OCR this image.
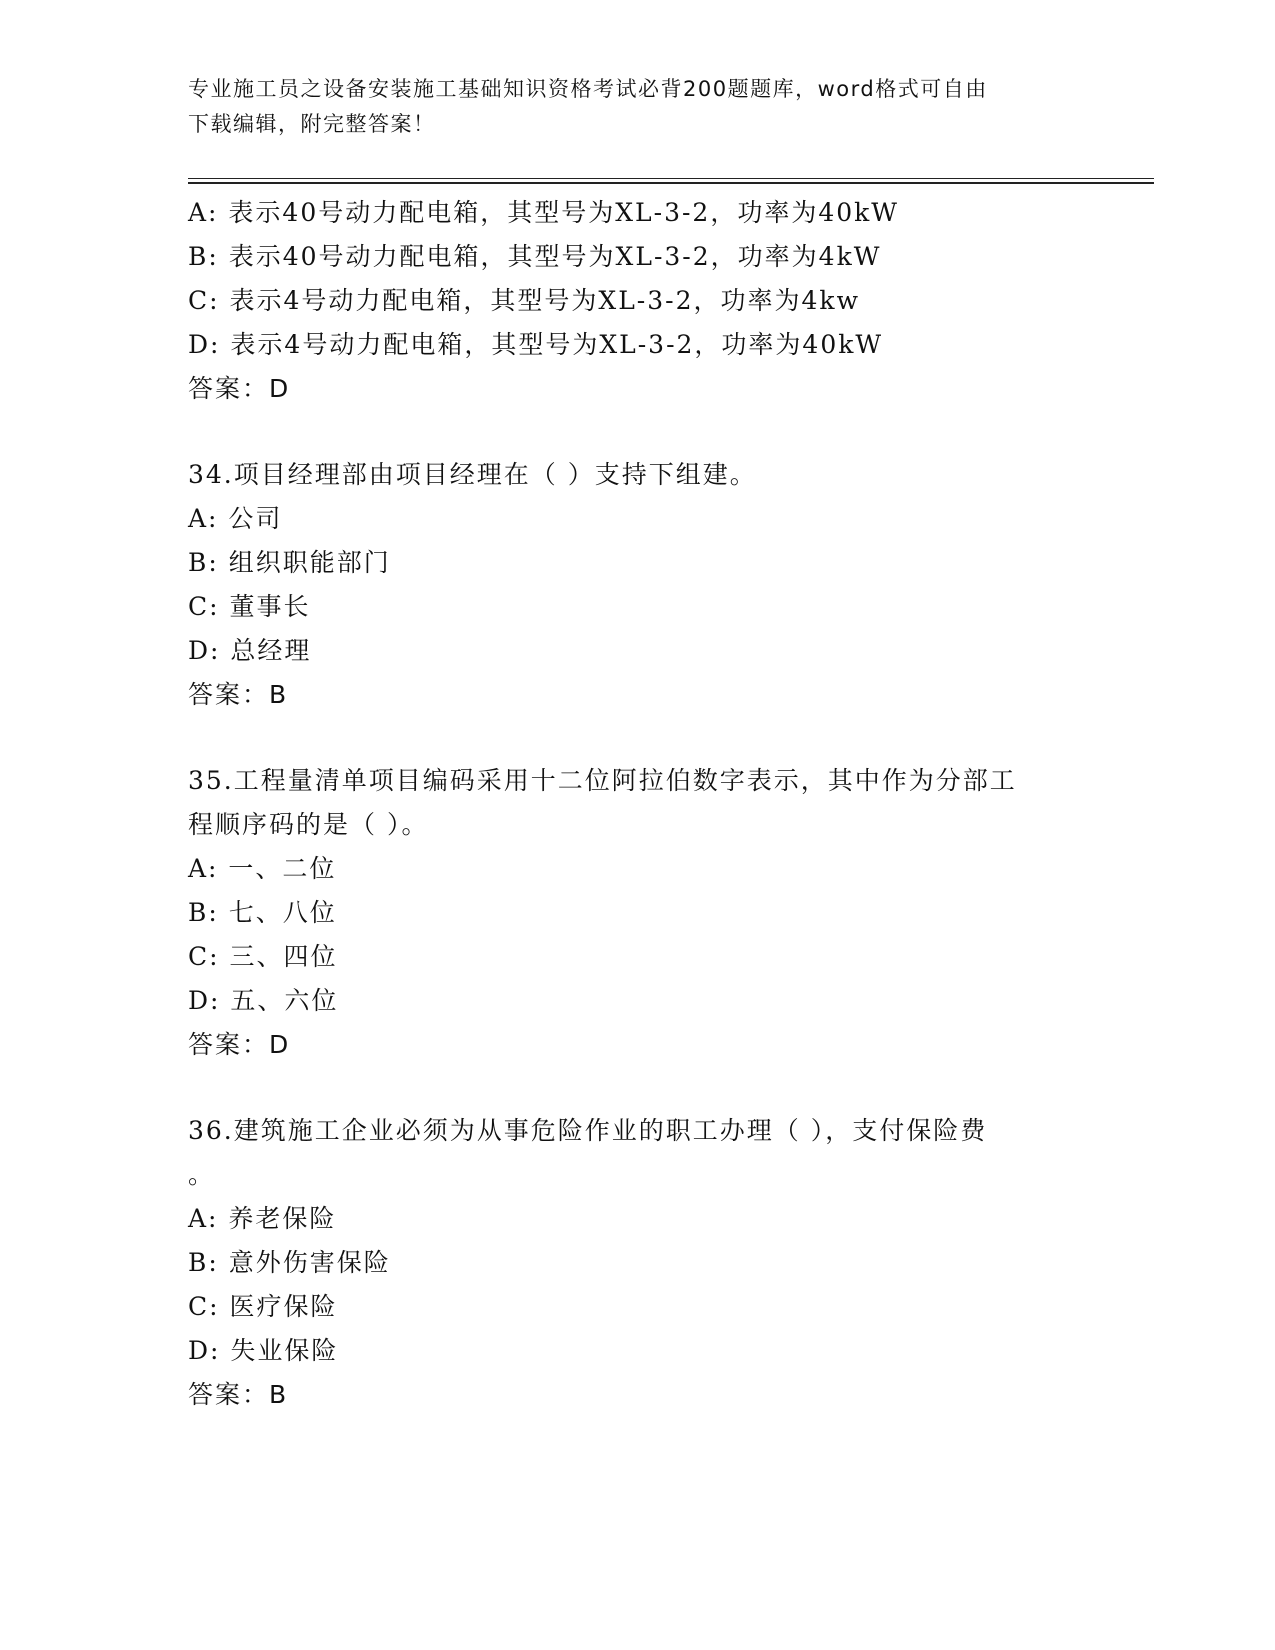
专业施工员之设备安装施工基础知识资格考试必背200题题库，word格式可自由
下载编辑，附完整答案！
A: 表示40号动力配电箱，其型号为XL-3-2，功率为40kW
B: 表示40号动力配电箱，其型号为XL-3-2，功率为4kW
C: 表示4号动力配电箱，其型号为XL-3-2，功率为4kw
D: 表示4号动力配电箱，其型号为XL-3-2，功率为40kW
答案：D
34.项目经理部由项目经理在（ ）支持下组建。
A: 公司
B: 组织职能部门
C: 董事长
D: 总经理
答案：B
35.工程量清单项目编码采用十二位阿拉伯数字表示，其中作为分部工
程顺序码的是（ ）。
A: 一、二位
B: 七、八位
C: 三、四位
D: 五、六位
答案：D
36.建筑施工企业必须为从事危险作业的职工办理（ ），支付保险费
。
A: 养老保险
B: 意外伤害保险
C: 医疗保险
D: 失业保险
答案：B
